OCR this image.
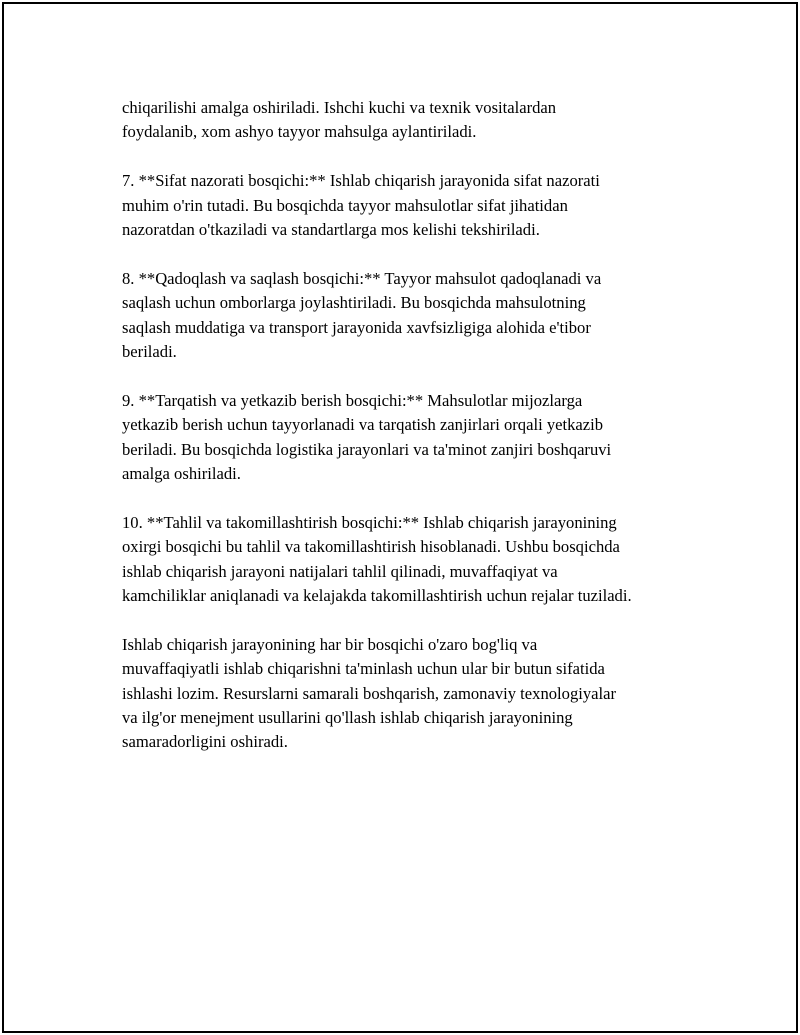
chiqarilishi amalga oshiriladi. Ishchi kuchi va texnik vositalardan
foydalanib, xom ashyo tayyor mahsulga aylantiriladi.

7. **Sifat nazorati bosqichi:** Ishlab chiqarish jarayonida sifat nazorati
muhim o'rin tutadi. Bu bosqichda tayyor mahsulotlar sifat jihatidan
nazoratdan o'tkaziladi va standartlarga mos kelishi tekshiriladi.

8. **Qadoqlash va saqlash bosqichi:** Tayyor mahsulot qadoqlanadi va
saqlash uchun omborlarga joylashtiriladi. Bu bosqichda mahsulotning
saqlash muddatiga va transport jarayonida xavfsizligiga alohida e'tibor
beriladi.

9. **Tarqatish va yetkazib berish bosqichi:** Mahsulotlar mijozlarga
yetkazib berish uchun tayyorlanadi va tarqatish zanjirlari orqali yetkazib
beriladi. Bu bosqichda logistika jarayonlari va ta'minot zanjiri boshqaruvi
amalga oshiriladi.

10. **Tahlil va takomillashtirish bosqichi:** Ishlab chiqarish jarayonining
oxirgi bosqichi bu tahlil va takomillashtirish hisoblanadi. Ushbu bosqichda
ishlab chiqarish jarayoni natijalari tahlil qilinadi, muvaffaqiyat va
kamchiliklar aniqlanadi va kelajakda takomillashtirish uchun rejalar tuziladi.

Ishlab chiqarish jarayonining har bir bosqichi o'zaro bog'liq va
muvaffaqiyatli ishlab chiqarishni ta'minlash uchun ular bir butun sifatida
ishlashi lozim. Resurslarni samarali boshqarish, zamonaviy texnologiyalar
va ilg'or menejment usullarini qo'llash ishlab chiqarish jarayonining
samaradorligini oshiradi.
